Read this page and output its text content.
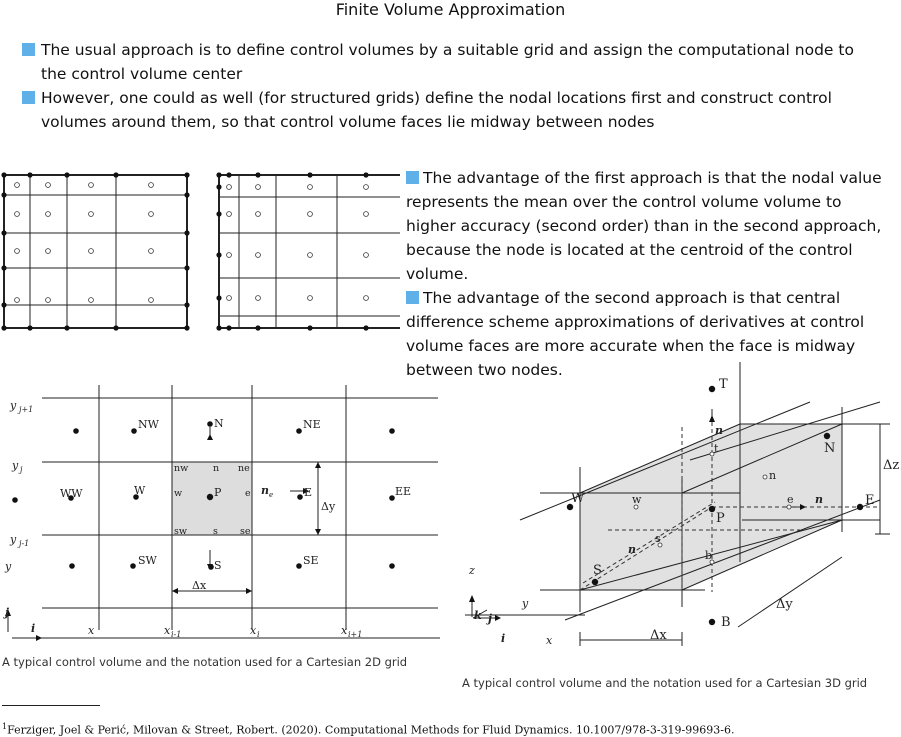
Finite Volume Approximation
The usual approach is to define control volumes by a suitable grid and assign the computational node to the control volume center
However, one could as well (for structured grids) define the nodal locations first and construct control volumes around them, so that control volume faces lie midway between nodes
The advantage of the first approach is that the nodal value represents the mean over the control volume volume to higher accuracy (second order) than in the second approach, because the node is located at the centroid of the control volume.
The advantage of the second approach is that central difference scheme approximations of derivatives at control volume faces are more accurate when the face is midway between two nodes.
y j+1
y j
y j-1
y
NW	N	NE
WW	W	P	E	EE
SW	S	SE
nw	n ne
w	e
sw	s se
n e
Δy
Δx
x	x i-1	x i	x i+1
i
j
A typical control volume and the notation used for a Cartesian 2D grid
T
N
W
P
E
S
B
t
n
w	e
s
b
n
n
n
Δz
Δx
Δy
z
y
x
k j
i
A typical control volume and the notation used for a Cartesian 3D grid
$^1$Ferziger, Joel & Perić, Milovan & Street, Robert. (2020). Computational Methods for Fluid Dynamics. 10.1007/978-3-319-99693-6.
